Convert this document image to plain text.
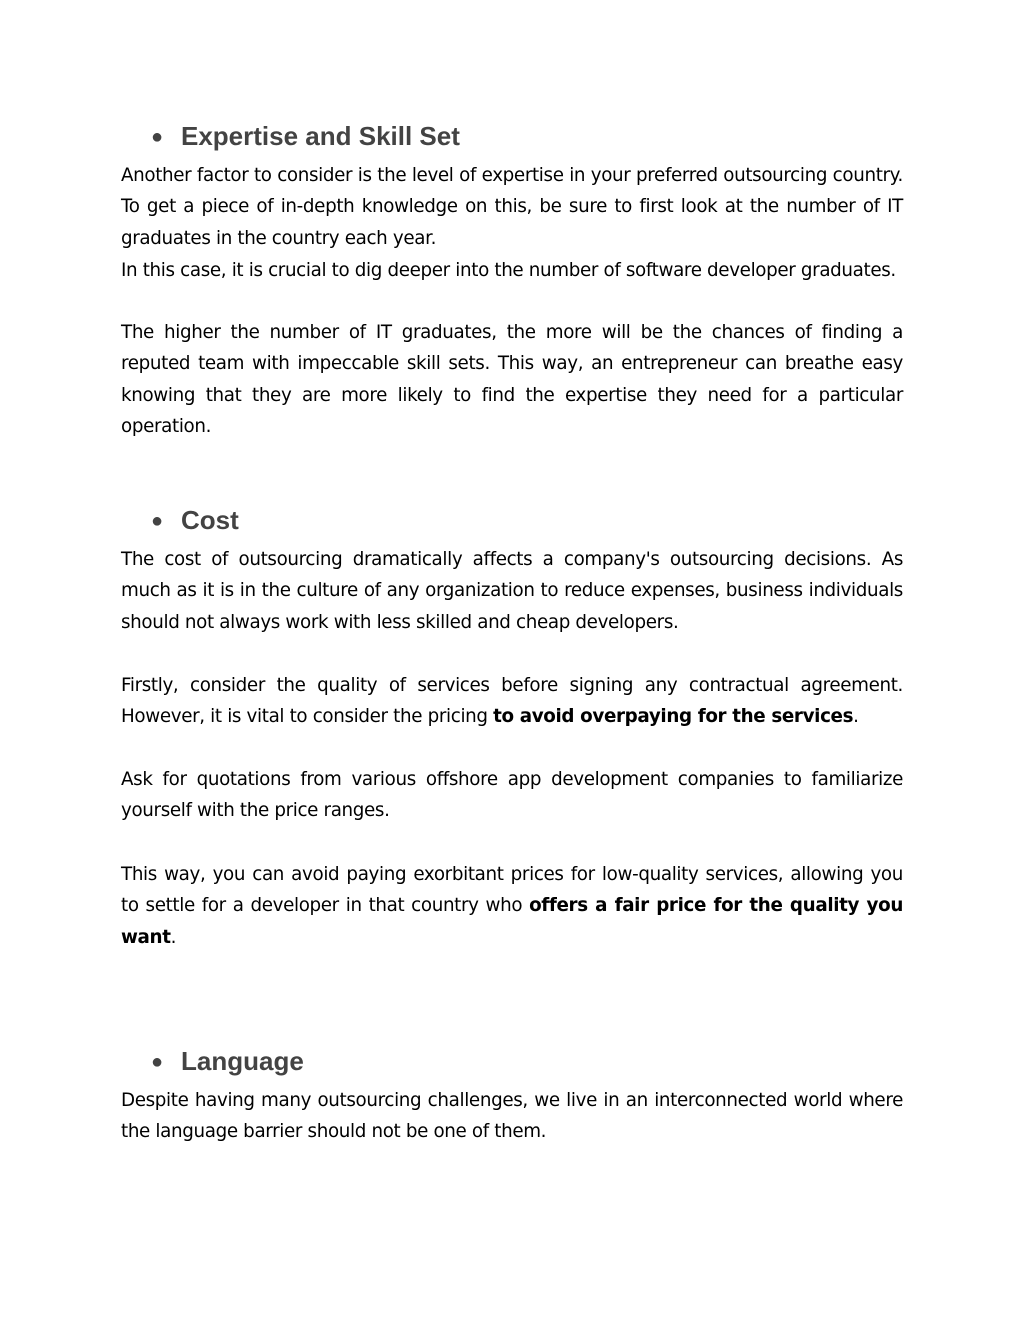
● Expertise and Skill Set

Another factor to consider is the level of expertise in your preferred outsourcing country. To get a piece of in-depth knowledge on this, be sure to first look at the number of IT graduates in the country each year.

In this case, it is crucial to dig deeper into the number of software developer graduates.

The higher the number of IT graduates, the more will be the chances of finding a reputed team with impeccable skill sets. This way, an entrepreneur can breathe easy knowing that they are more likely to find the expertise they need for a particular operation.

● Cost

The cost of outsourcing dramatically affects a company's outsourcing decisions. As much as it is in the culture of any organization to reduce expenses, business individuals should not always work with less skilled and cheap developers.

Firstly, consider the quality of services before signing any contractual agreement. However, it is vital to consider the pricing to avoid overpaying for the services.

Ask for quotations from various offshore app development companies to familiarize yourself with the price ranges.

This way, you can avoid paying exorbitant prices for low-quality services, allowing you to settle for a developer in that country who offers a fair price for the quality you want.

● Language

Despite having many outsourcing challenges, we live in an interconnected world where the language barrier should not be one of them.
